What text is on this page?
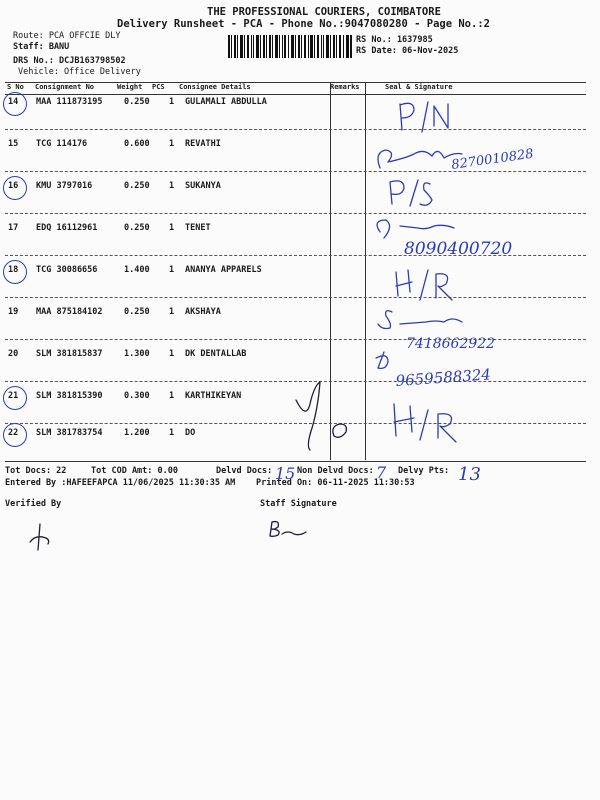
THE PROFESSIONAL COURIERS, COIMBATORE
Delivery Runsheet - PCA - Phone No.:9047080280 - Page No.:2
Route: PCA OFFCIE DLY
Staff: BANU
DRS No.: DCJB163798502
Vehicle: Office Delivery
RS No.: 1637985
RS Date: 06-Nov-2025
S No Consignment No	Weight PCS Consignee Details	Remarks	Seal & Signature
14 MAA 111873195	0.250 1 GULAMALI ABDULLA
15 TCG 114176	0.600 1 REVATHI
16 KMU 3797016	0.250 1 SUKANYA
17 EDQ 16112961	0.250 1 TENET
18 TCG 30086656	1.400 1 ANANYA APPARELS
19 MAA 875184102	0.250 1 AKSHAYA
20 SLM 381815837	1.300 1 DK DENTALLAB
21 SLM 381815390	0.300 1 KARTHIKEYAN
22 SLM 381783754	1.200 1 DO
8270010828
8090400720
7418662922
9659588324
Tot Docs: 22	Tot COD Amt: 0.00	Delvd Docs:	Non Delvd Docs:	Delvy Pts:
Entered By :HAFEEFAPCA 11/06/2025 11:30:35 AM Printed On: 06-11-2025 11:30:53
Verified By	Staff Signature
15	7	13
